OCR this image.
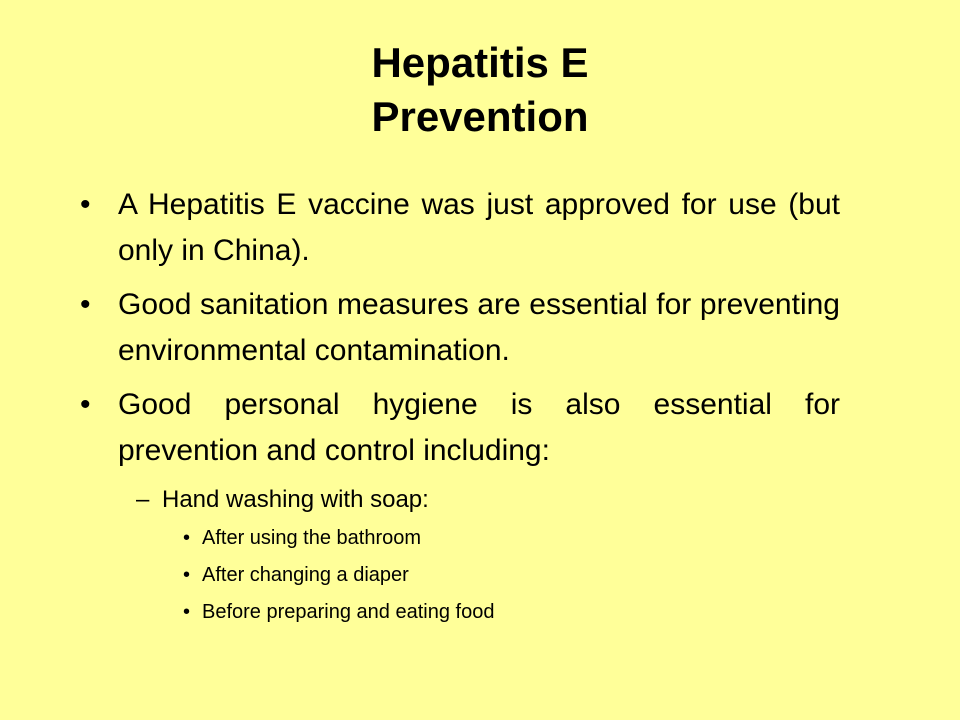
Hepatitis E
Prevention
• A Hepatitis E vaccine was just approved for use (but only in China).
• Good sanitation measures are essential for preventing environmental contamination.
• Good personal hygiene is also essential for prevention and control including:
– Hand washing with soap:
• After using the bathroom
• After changing a diaper
• Before preparing and eating food
